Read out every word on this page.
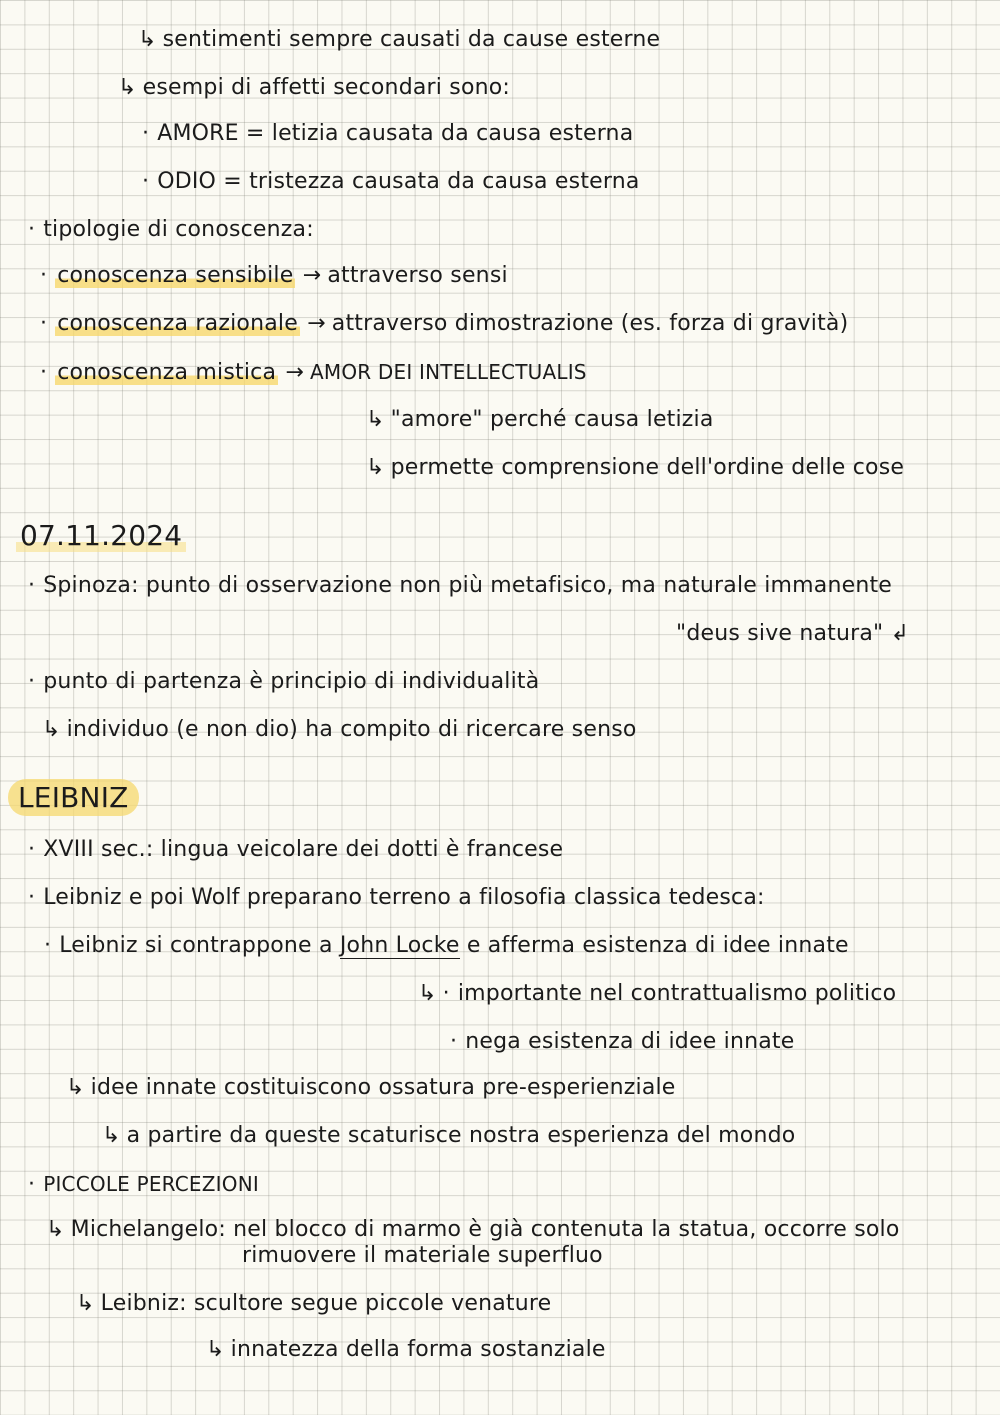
↳ sentimenti sempre causati da cause esterne
↳ esempi di affetti secondari sono:
· AMORE = letizia causata da causa esterna
· ODIO = tristezza causata da causa esterna
· tipologie di conoscenza:
· conoscenza sensibile → attraverso sensi
· conoscenza razionale → attraverso dimostrazione (es. forza di gravità)
· conoscenza mistica → AMOR DEI INTELLECTUALIS
↳ "amore" perché causa letizia
↳ permette comprensione dell'ordine delle cose
07.11.2024
· Spinoza: punto di osservazione non più metafisico, ma naturale immanente
"deus sive natura" ↲
· punto di partenza è principio di individualità
↳ individuo (e non dio) ha compito di ricercare senso
LEIBNIZ
· XVIII sec.: lingua veicolare dei dotti è francese
· Leibniz e poi Wolf preparano terreno a filosofia classica tedesca:
· Leibniz si contrappone a John Locke e afferma esistenza di idee innate
↳ · importante nel contrattualismo politico
· nega esistenza di idee innate
↳ idee innate costituiscono ossatura pre-esperienziale
↳ a partire da queste scaturisce nostra esperienza del mondo
· PICCOLE PERCEZIONI
↳ Michelangelo: nel blocco di marmo è già contenuta la statua, occorre solo
rimuovere il materiale superfluo
↳ Leibniz: scultore segue piccole venature
↳ innatezza della forma sostanziale
